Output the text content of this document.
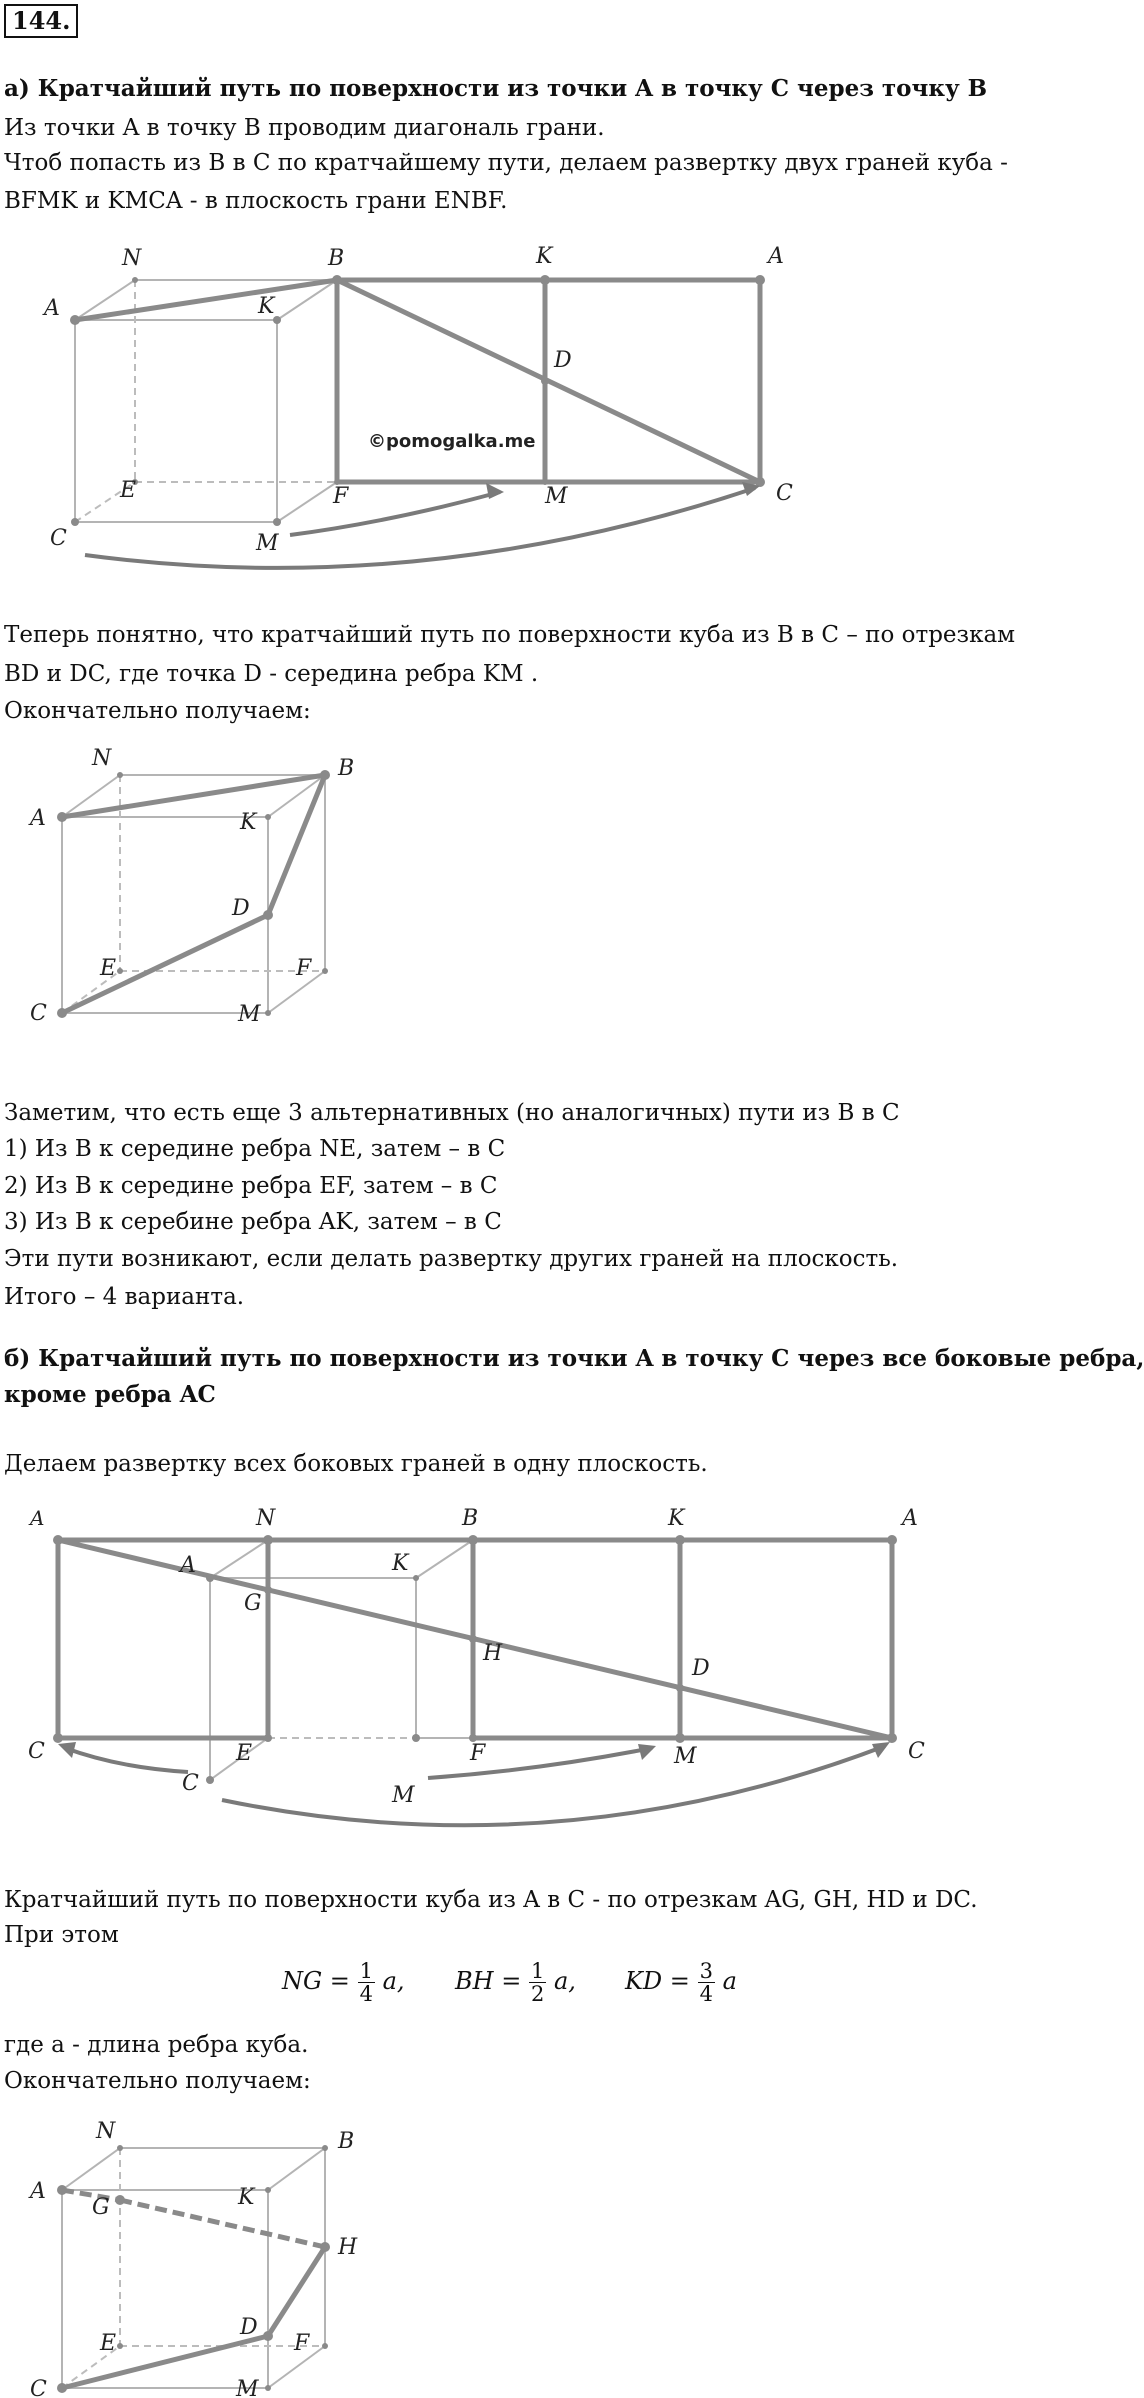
144.
а) Кратчайший путь по поверхности из точки A в точку C через точку B
Из точки A в точку B проводим диагональ грани.
Чтоб попасть из B в C по кратчайшему пути, делаем развертку двух граней куба -
BFMK и KMCA - в плоскость грани ENBF.
A
N	B
K
K	A
D
E	F	M	C
C	M
©pomogalka.me
Теперь понятно, что кратчайший путь по поверхности куба из B в C – по отрезкам
BD и DC, где точка D - середина ребра KM .
Окончательно получаем:
A
N	B
K
D
E	F
C	M
Заметим, что есть еще 3 альтернативных (но аналогичных) пути из В в С
1) Из В к середине ребра NE, затем – в С
2) Из В к середине ребра EF, затем – в С
3) Из В к серебине ребра AK, затем – в С
Эти пути возникают, если делать развертку других граней на плоскость.
Итого – 4 варианта.
б) Кратчайший путь по поверхности из точки A в точку C через все боковые ребра,
кроме ребра AC
Делаем развертку всех боковых граней в одну плоскость.
A	N	B	K	A
A	K
G
H
D
C	E	F	M	C
C	M
Кратчайший путь по поверхности куба из A в C - по отрезкам AG, GH, HD и DC.
При этом
NG = $\frac{1}{4} a$, BH = $\frac{1}{2} a$, KD = $\frac{3}{4}$ a
где a - длина ребра куба.
Окончательно получаем:
A
N	B
K
G
H
D
E	F
C	M
